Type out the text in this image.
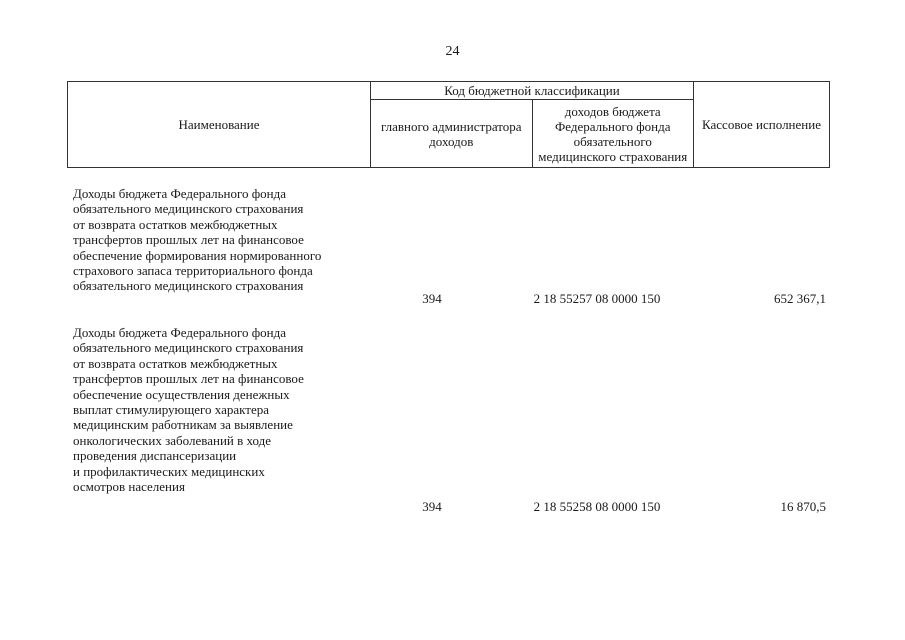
24
Наименование	Код бюджетной классификации		Кассовое исполнение
	главного администратора доходов	доходов бюджета Федерального фонда обязательного медицинского страхования	
Доходы бюджета Федерального фонда
обязательного медицинского страхования
от возврата остатков межбюджетных
трансфертов прошлых лет на финансовое
обеспечение формирования нормированного
страхового запаса территориального фонда
обязательного медицинского страхования
394	2 18 55257 08 0000 150	652 367,1
Доходы бюджета Федерального фонда
обязательного медицинского страхования
от возврата остатков межбюджетных
трансфертов прошлых лет на финансовое
обеспечение осуществления денежных
выплат стимулирующего характера
медицинским работникам за выявление
онкологических заболеваний в ходе
проведения диспансеризации
и профилактических медицинских
осмотров населения
394	2 18 55258 08 0000 150	16 870,5
